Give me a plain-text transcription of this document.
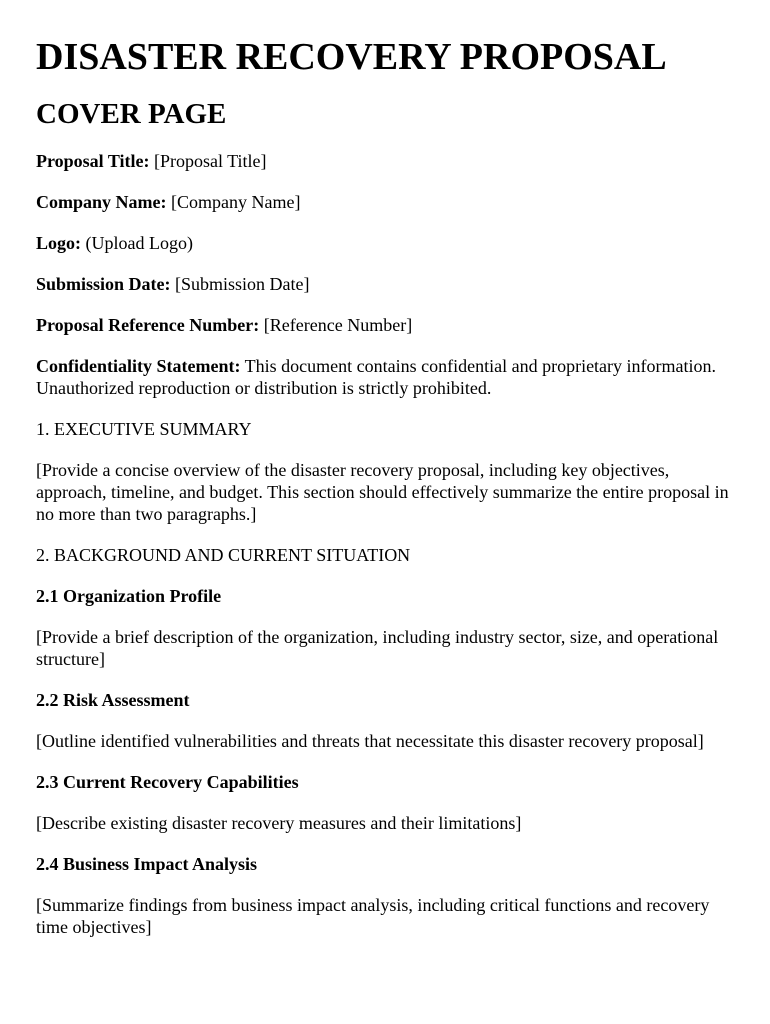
DISASTER RECOVERY PROPOSAL
COVER PAGE

Proposal Title: [Proposal Title]

Company Name: [Company Name]

Logo: (Upload Logo)

Submission Date: [Submission Date]

Proposal Reference Number: [Reference Number]

Confidentiality Statement: This document contains confidential and proprietary information. Unauthorized reproduction or distribution is strictly prohibited.

1. EXECUTIVE SUMMARY

[Provide a concise overview of the disaster recovery proposal, including key objectives, approach, timeline, and budget. This section should effectively summarize the entire proposal in no more than two paragraphs.]

2. BACKGROUND AND CURRENT SITUATION

2.1 Organization Profile

[Provide a brief description of the organization, including industry sector, size, and operational structure]

2.2 Risk Assessment

[Outline identified vulnerabilities and threats that necessitate this disaster recovery proposal]

2.3 Current Recovery Capabilities

[Describe existing disaster recovery measures and their limitations]

2.4 Business Impact Analysis

[Summarize findings from business impact analysis, including critical functions and recovery time objectives]
